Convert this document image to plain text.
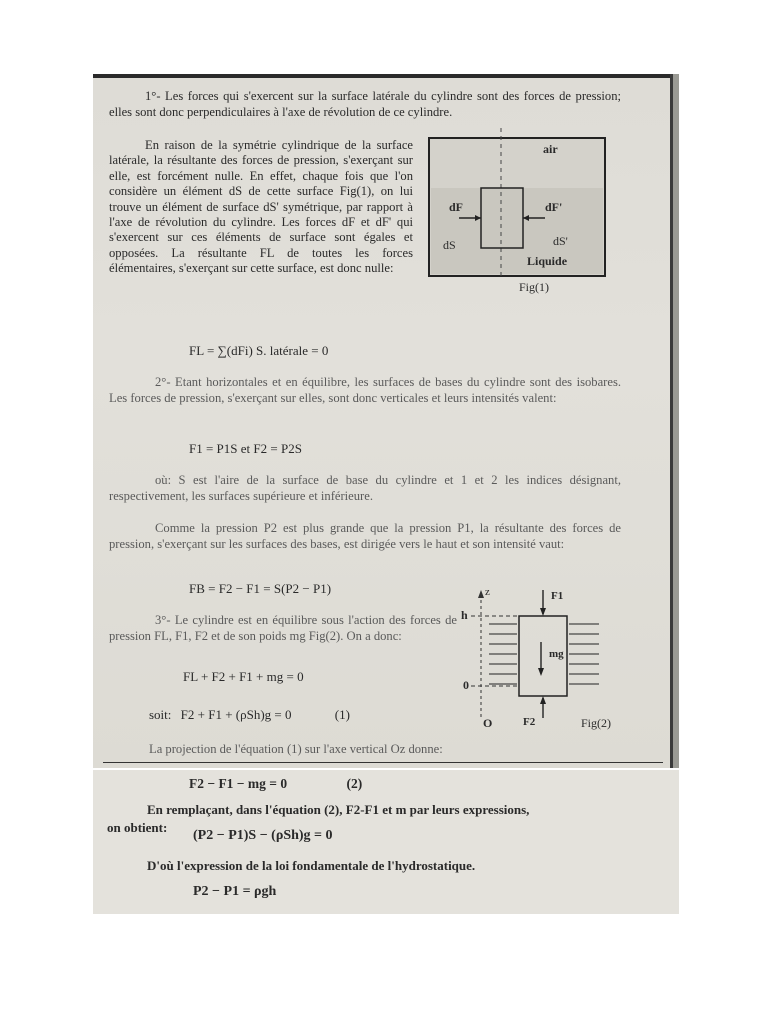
1°- Les forces qui s'exercent sur la surface latérale du cylindre sont des forces de pression; elles sont donc perpendiculaires à l'axe de révolution de ce cylindre.

En raison de la symétrie cylindrique de la surface latérale, la résultante des forces de pression, s'exerçant sur elle, est forcément nulle. En effet, chaque fois que l'on considère un élément dS de cette surface Fig(1), on lui trouve un élément de surface dS' symétrique, par rapport à l'axe de révolution du cylindre. Les forces dF et dF' qui s'exercent sur ces éléments de surface sont égales et opposées. La résultante FL de toutes les forces élémentaires, s'exerçant sur cette surface, est donc nulle:

air
dF	dF'
dS	dS'
Liquide
Fig(1)
FL = ∑(dFi) S. latérale = 0

2°- Etant horizontales et en équilibre, les surfaces de bases du cylindre sont des isobares. Les forces de pression, s'exerçant sur elles, sont donc verticales et leurs intensités valent:

F1 = P1S et F2 = P2S

où: S est l'aire de la surface de base du cylindre et 1 et 2 les indices désignant, respectivement, les surfaces supérieure et inférieure.

Comme la pression P2 est plus grande que la pression P1, la résultante des forces de pression, s'exerçant sur les surfaces des bases, est dirigée vers le haut et son intensité vaut:

FB = F2 − F1 = S(P2 − P1)

3°- Le cylindre est en équilibre sous l'action des forces de pression FL, F1, F2 et de son poids mg Fig(2). On a donc:

FL + F2 + F1 + mg = 0
soit: F2 + F1 + (ρSh)g = 0	(1)
La projection de l'équation (1) sur l'axe vertical Oz donne:
z
h
0
O
F1
F2
mg
Fig(2)
F2 − F1 − mg = 0	(2)
En remplaçant, dans l'équation (2), F2-F1 et m par leurs expressions,
on obtient:
(P2 − P1)S − (ρSh)g = 0
D'où l'expression de la loi fondamentale de l'hydrostatique.
P2 − P1 = ρgh
